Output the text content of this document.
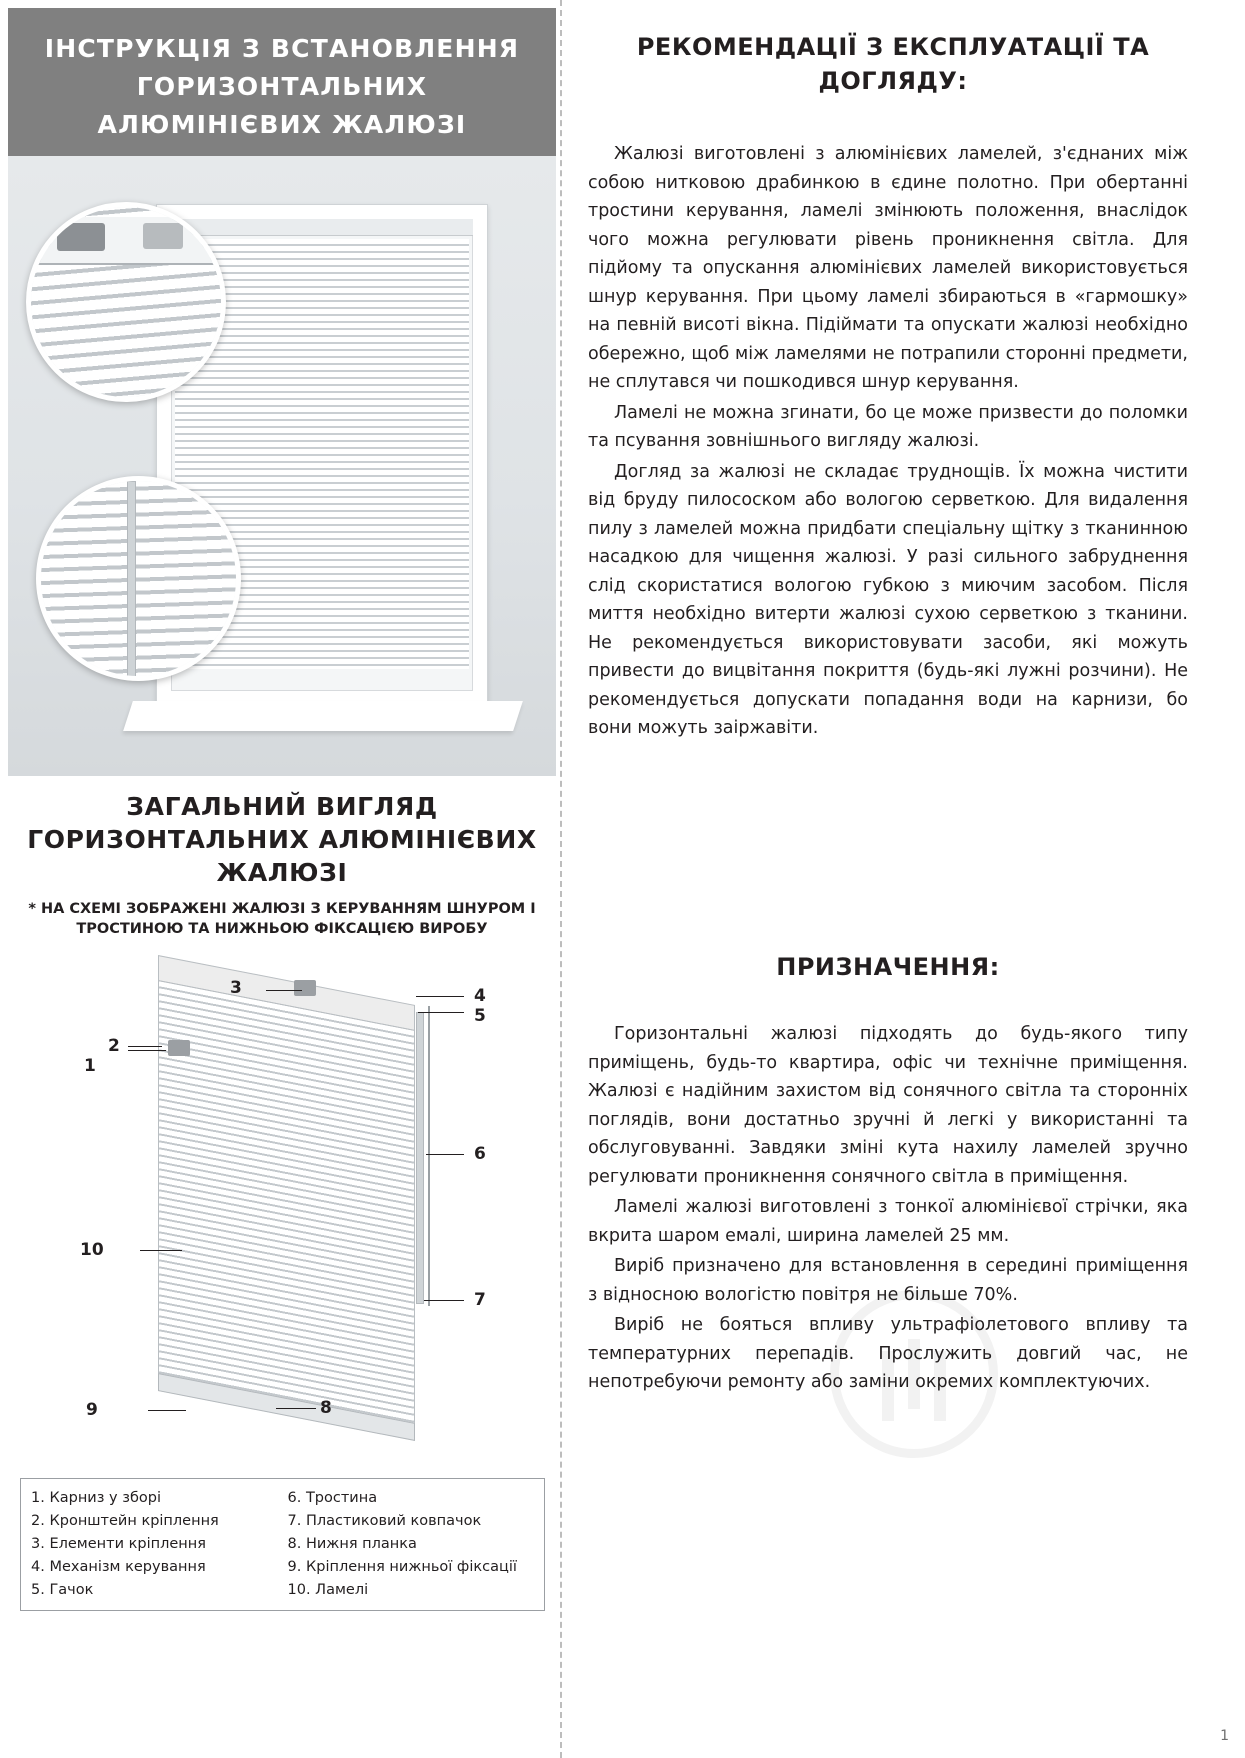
ІНСТРУКЦІЯ З ВСТАНОВЛЕННЯ ГОРИЗОНТАЛЬНИХ АЛЮМІНІЄВИХ ЖАЛЮЗІ
ЗАГАЛЬНИЙ ВИГЛЯД ГОРИЗОНТАЛЬНИХ АЛЮМІНІЄВИХ ЖАЛЮЗІ
* НА СХЕМІ ЗОБРАЖЕНІ ЖАЛЮЗІ З КЕРУВАННЯМ ШНУРОМ І ТРОСТИНОЮ ТА НИЖНЬОЮ ФІКСАЦІЄЮ ВИРОБУ
1
2
3	4
5
6
7
8
9
10
1. Карниз у зборі
2. Кронштейн кріплення
3. Елементи кріплення
4. Механізм керування
5. Гачок
6. Тростина
7. Пластиковий ковпачок
8. Нижня планка
9. Кріплення нижньої фіксації
10. Ламелі
РЕКОМЕНДАЦІЇ З ЕКСПЛУАТАЦІЇ ТА ДОГЛЯДУ:

Жалюзі виготовлені з алюмінієвих ламелей, з'єднаних між собою нитковою драбинкою в єдине полотно. При обертанні тростини керування, ламелі змінюють положення, внаслідок чого можна регулювати рівень проникнення світла. Для підйому та опускання алюмінієвих ламелей використовується шнур керування. При цьому ламелі збираються в «гармошку» на певній висоті вікна. Підіймати та опускати жалюзі необхідно обережно, щоб між ламелями не потрапили сторонні предмети, не сплутався чи пошкодився шнур керування.

Ламелі не можна згинати, бо це може призвести до поломки та псування зовнішнього вигляду жалюзі.

Догляд за жалюзі не складає труднощів. Їх можна чистити від бруду пилососком або вологою серветкою. Для видалення пилу з ламелей можна придбати спеціальну щітку з тканинною насадкою для чищення жалюзі. У разі сильного забруднення слід скористатися вологою губкою з миючим засобом. Після миття необхідно витерти жалюзі сухою серветкою з тканини. Не рекомендується використовувати засоби, які можуть привести до вицвітання покриття (будь-які лужні розчини). Не рекомендується допускати попадання води на карнизи, бо вони можуть заіржавіти.

ПРИЗНАЧЕННЯ:

Горизонтальні жалюзі підходять до будь-якого типу приміщень, будь-то квартира, офіс чи технічне приміщення. Жалюзі є надійним захистом від сонячного світла та сторонніх поглядів, вони достатньо зручні й легкі у використанні та обслуговуванні. Завдяки зміні кута нахилу ламелей зручно регулювати проникнення сонячного світла в приміщення.

Ламелі жалюзі виготовлені з тонкої алюмінієвої стрічки, яка вкрита шаром емалі, ширина ламелей 25 мм.

Виріб призначено для встановлення в середині приміщення з відносною вологістю повітря не більше 70%.

Виріб не боятьcя впливу ультрафіолетового впливу та температурних перепадів. Прослужить довгий час, не непотребуючи ремонту або заміни окремих комплектуючих.

1
